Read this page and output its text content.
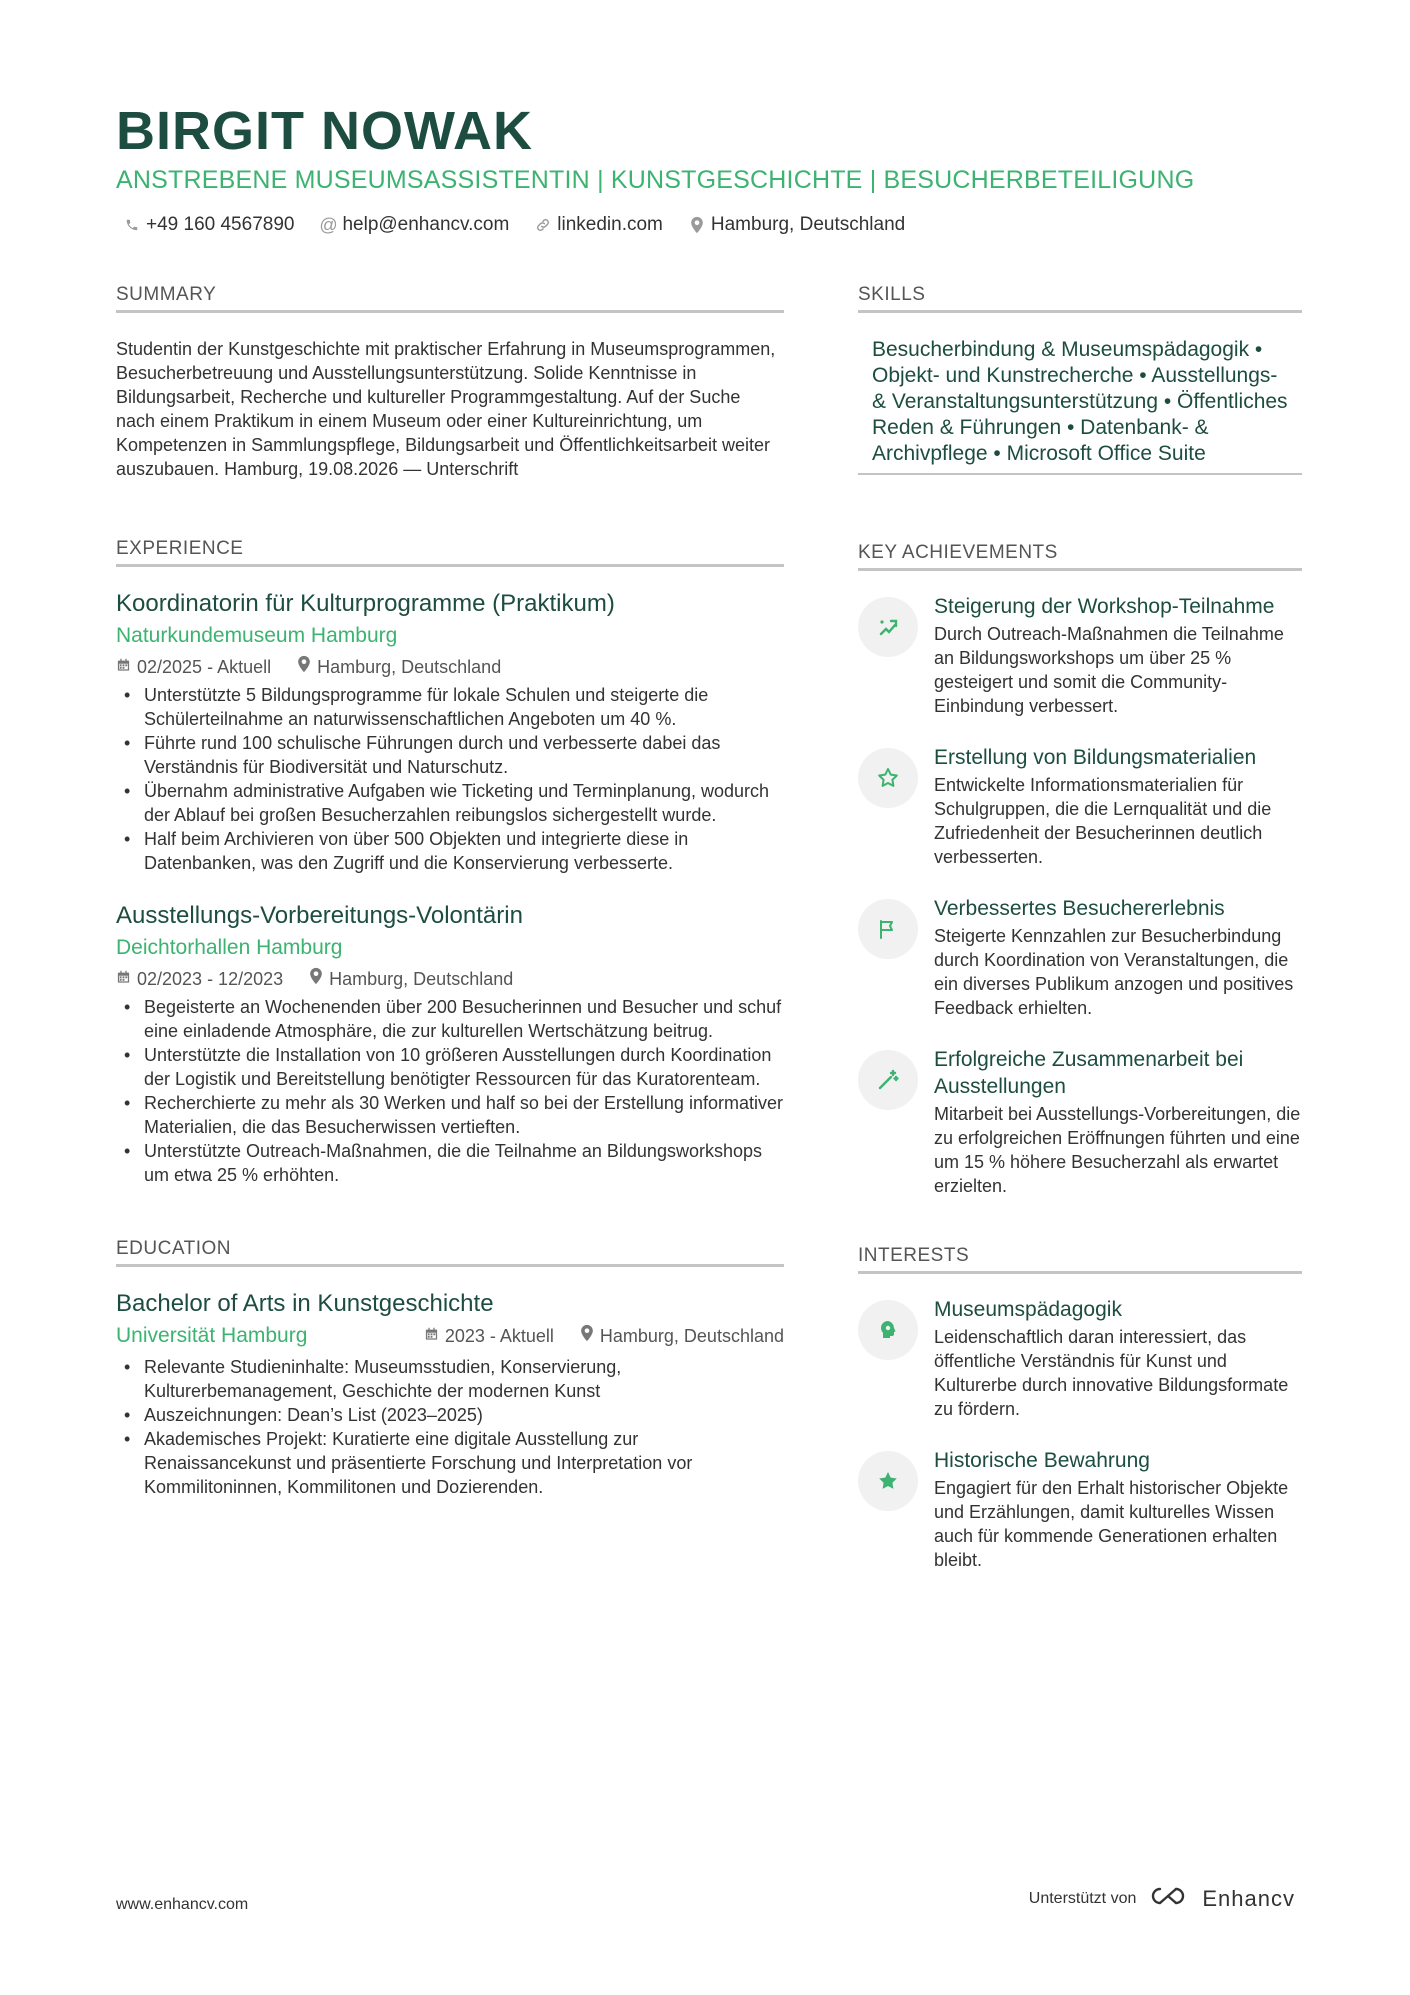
BIRGIT NOWAK
ANSTREBENE MUSEUMSASSISTENTIN | KUNSTGESCHICHTE | BESUCHERBETEILIGUNG
+49 160 4567890 @ help@enhancv.com	linkedin.com	Hamburg, Deutschland
SUMMARY
Studentin der Kunstgeschichte mit praktischer Erfahrung in Museumsprogrammen, Besucherbetreuung und Ausstellungsunterstützung. Solide Kenntnisse in Bildungsarbeit, Recherche und kultureller Programmgestaltung. Auf der Suche nach einem Praktikum in einem Museum oder einer Kultureinrichtung, um Kompetenzen in Sammlungspflege, Bildungsarbeit und Öffentlichkeitsarbeit weiter auszubauen. Hamburg, 19.08.2026 — Unterschrift
EXPERIENCE
Koordinatorin für Kulturprogramme (Praktikum)
Naturkundemuseum Hamburg
02/2025 - Aktuell	Hamburg, Deutschland
• Unterstützte 5 Bildungsprogramme für lokale Schulen und steigerte die Schülerteilnahme an naturwissenschaftlichen Angeboten um 40 %.
• Führte rund 100 schulische Führungen durch und verbesserte dabei das Verständnis für Biodiversität und Naturschutz.
• Übernahm administrative Aufgaben wie Ticketing und Terminplanung, wodurch der Ablauf bei großen Besucherzahlen reibungslos sichergestellt wurde.
• Half beim Archivieren von über 500 Objekten und integrierte diese in Datenbanken, was den Zugriff und die Konservierung verbesserte.
Ausstellungs-Vorbereitungs-Volontärin
Deichtorhallen Hamburg
02/2023 - 12/2023	Hamburg, Deutschland
• Begeisterte an Wochenenden über 200 Besucherinnen und Besucher und schuf eine einladende Atmosphäre, die zur kulturellen Wertschätzung beitrug.
• Unterstützte die Installation von 10 größeren Ausstellungen durch Koordination der Logistik und Bereitstellung benötigter Ressourcen für das Kuratorenteam.
• Recherchierte zu mehr als 30 Werken und half so bei der Erstellung informativer Materialien, die das Besucherwissen vertieften.
• Unterstützte Outreach-Maßnahmen, die die Teilnahme an Bildungsworkshops um etwa 25 % erhöhten.
EDUCATION
Bachelor of Arts in Kunstgeschichte
Universität Hamburg	2023 - Aktuell	Hamburg, Deutschland
• Relevante Studieninhalte: Museumsstudien, Konservierung, Kulturerbemanagement, Geschichte der modernen Kunst
• Auszeichnungen: Dean’s List (2023–2025)
• Akademisches Projekt: Kuratierte eine digitale Ausstellung zur Renaissancekunst und präsentierte Forschung und Interpretation vor Kommilitoninnen, Kommilitonen und Dozierenden.
SKILLS
Besucherbindung & Museumspädagogik • Objekt- und Kunstrecherche • Ausstellungs- & Veranstaltungsunterstützung • Öffentliches Reden & Führungen • Datenbank- & Archivpflege • Microsoft Office Suite
KEY ACHIEVEMENTS
Steigerung der Workshop-Teilnahme
Durch Outreach-Maßnahmen die Teilnahme an Bildungsworkshops um über 25 % gesteigert und somit die Community-Einbindung verbessert.
Erstellung von Bildungsmaterialien
Entwickelte Informationsmaterialien für Schulgruppen, die die Lernqualität und die Zufriedenheit der Besucherinnen deutlich verbesserten.
Verbessertes Besuchererlebnis
Steigerte Kennzahlen zur Besucherbindung durch Koordination von Veranstaltungen, die ein diverses Publikum anzogen und positives Feedback erhielten.
Erfolgreiche Zusammenarbeit bei Ausstellungen
Mitarbeit bei Ausstellungs-Vorbereitungen, die zu erfolgreichen Eröffnungen führten und eine um 15 % höhere Besucherzahl als erwartet erzielten.
INTERESTS
Museumspädagogik
Leidenschaftlich daran interessiert, das öffentliche Verständnis für Kunst und Kulturerbe durch innovative Bildungsformate zu fördern.
Historische Bewahrung
Engagiert für den Erhalt historischer Objekte und Erzählungen, damit kulturelles Wissen auch für kommende Generationen erhalten bleibt.
www.enhancv.com	Unterstützt von	Enhancv
